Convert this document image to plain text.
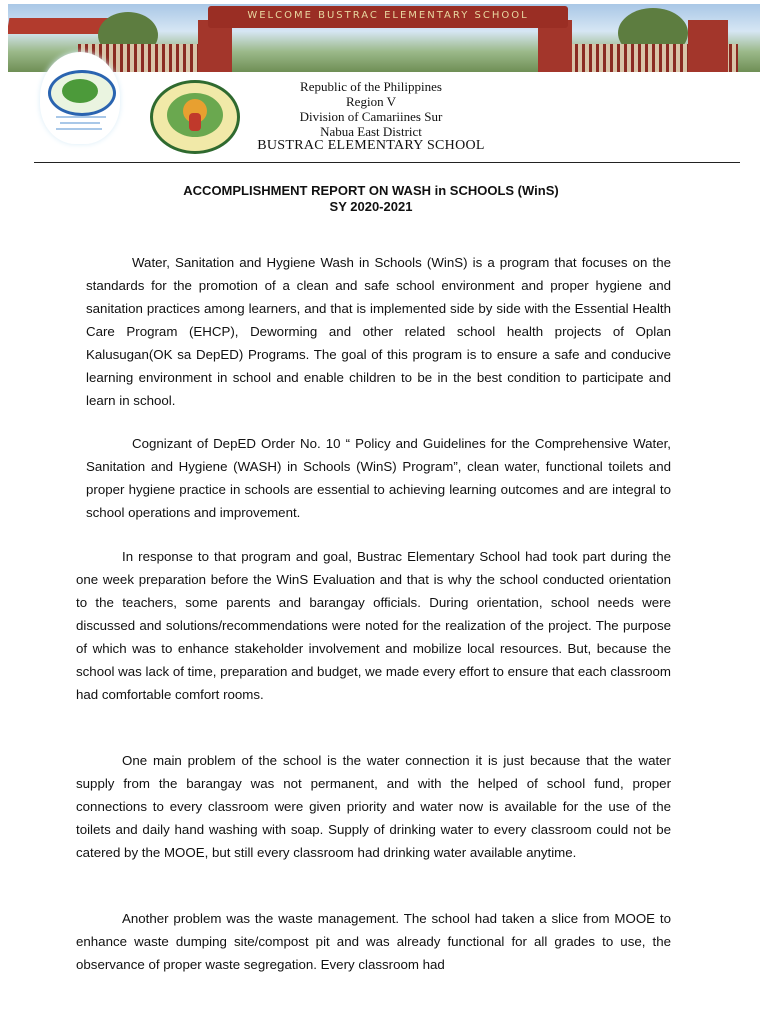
WELCOME BUSTRAC ELEMENTARY SCHOOL
Republic of the Philippines
Region V
Division of Camariines Sur
Nabua East District
BUSTRAC ELEMENTARY SCHOOL
ACCOMPLISHMENT REPORT ON WASH in SCHOOLS (WinS)
SY 2020-2021
Water, Sanitation and Hygiene Wash in Schools (WinS) is a program that focuses on the standards for the promotion of a clean and safe school environment and proper hygiene and sanitation practices among learners, and that is implemented side by side with the Essential Health Care Program (EHCP), Deworming and other related school health projects of Oplan Kalusugan(OK sa DepED) Programs. The goal of this program is to ensure a safe and conducive learning environment in school and enable children to be in the best condition to participate and learn in school.
Cognizant of DepED Order No. 10 “ Policy and Guidelines for the Comprehensive Water, Sanitation and Hygiene (WASH) in Schools (WinS) Program”, clean water, functional toilets and proper hygiene practice in schools are essential to achieving learning outcomes and are integral to school operations and improvement.
In response to that program and goal, Bustrac Elementary School had took part during the one week preparation before the WinS Evaluation and that is why the school conducted orientation to the teachers, some parents and barangay officials. During orientation, school needs were discussed and solutions/recommendations were noted for the realization of the project. The purpose of which was to enhance stakeholder involvement and mobilize local resources. But, because the school was lack of time, preparation and budget, we made every effort to ensure that each classroom had comfortable comfort rooms.
One main problem of the school is the water connection it is just because that the water supply from the barangay was not permanent, and with the helped of school fund, proper connections to every classroom were given priority and water now is available for the use of the toilets and daily hand washing with soap. Supply of drinking water to every classroom could not be catered by the MOOE, but still every classroom had drinking water available anytime.
Another problem was the waste management. The school had taken a slice from MOOE to enhance waste dumping site/compost pit and was already functional for all grades to use, the observance of proper waste segregation. Every classroom had
